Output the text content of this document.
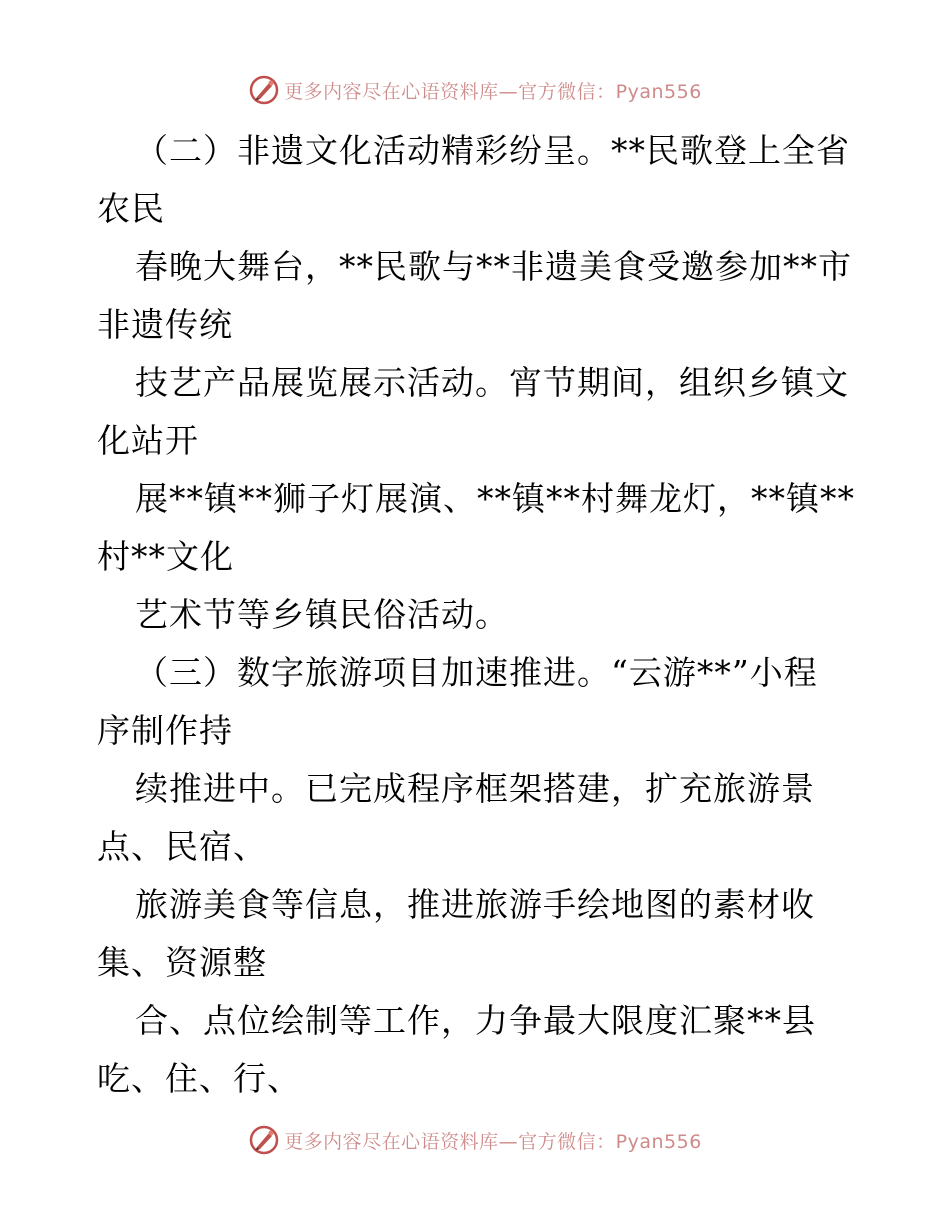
更多内容尽在心语资料库—官方微信：Pyan556
（二）非遗文化活动精彩纷呈。**民歌登上全省
农民
春晚大舞台，**民歌与**非遗美食受邀参加**市
非遗传统
技艺产品展览展示活动。宵节期间，组织乡镇文
化站开
展**镇**狮子灯展演、**镇**村舞龙灯，**镇**
村**文化
艺术节等乡镇民俗活动。
（三）数字旅游项目加速推进。“云游**”小程
序制作持
续推进中。已完成程序框架搭建，扩充旅游景
点、民宿、
旅游美食等信息，推进旅游手绘地图的素材收
集、资源整
合、点位绘制等工作，力争最大限度汇聚**县
吃、住、行、
更多内容尽在心语资料库—官方微信：Pyan556
